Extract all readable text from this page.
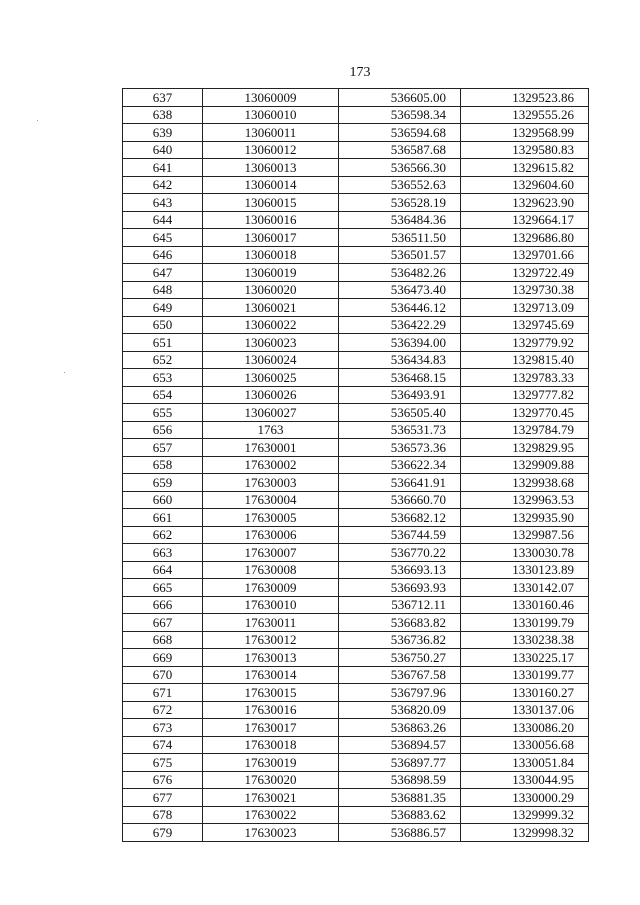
173
637	13060009	536605.00	1329523.86
638	13060010	536598.34	1329555.26
639	13060011	536594.68	1329568.99
640	13060012	536587.68	1329580.83
641	13060013	536566.30	1329615.82
642	13060014	536552.63	1329604.60
643	13060015	536528.19	1329623.90
644	13060016	536484.36	1329664.17
645	13060017	536511.50	1329686.80
646	13060018	536501.57	1329701.66
647	13060019	536482.26	1329722.49
648	13060020	536473.40	1329730.38
649	13060021	536446.12	1329713.09
650	13060022	536422.29	1329745.69
651	13060023	536394.00	1329779.92
652	13060024	536434.83	1329815.40
653	13060025	536468.15	1329783.33
654	13060026	536493.91	1329777.82
655	13060027	536505.40	1329770.45
656	1763	536531.73	1329784.79
657	17630001	536573.36	1329829.95
658	17630002	536622.34	1329909.88
659	17630003	536641.91	1329938.68
660	17630004	536660.70	1329963.53
661	17630005	536682.12	1329935.90
662	17630006	536744.59	1329987.56
663	17630007	536770.22	1330030.78
664	17630008	536693.13	1330123.89
665	17630009	536693.93	1330142.07
666	17630010	536712.11	1330160.46
667	17630011	536683.82	1330199.79
668	17630012	536736.82	1330238.38
669	17630013	536750.27	1330225.17
670	17630014	536767.58	1330199.77
671	17630015	536797.96	1330160.27
672	17630016	536820.09	1330137.06
673	17630017	536863.26	1330086.20
674	17630018	536894.57	1330056.68
675	17630019	536897.77	1330051.84
676	17630020	536898.59	1330044.95
677	17630021	536881.35	1330000.29
678	17630022	536883.62	1329999.32
679	17630023	536886.57	1329998.32
